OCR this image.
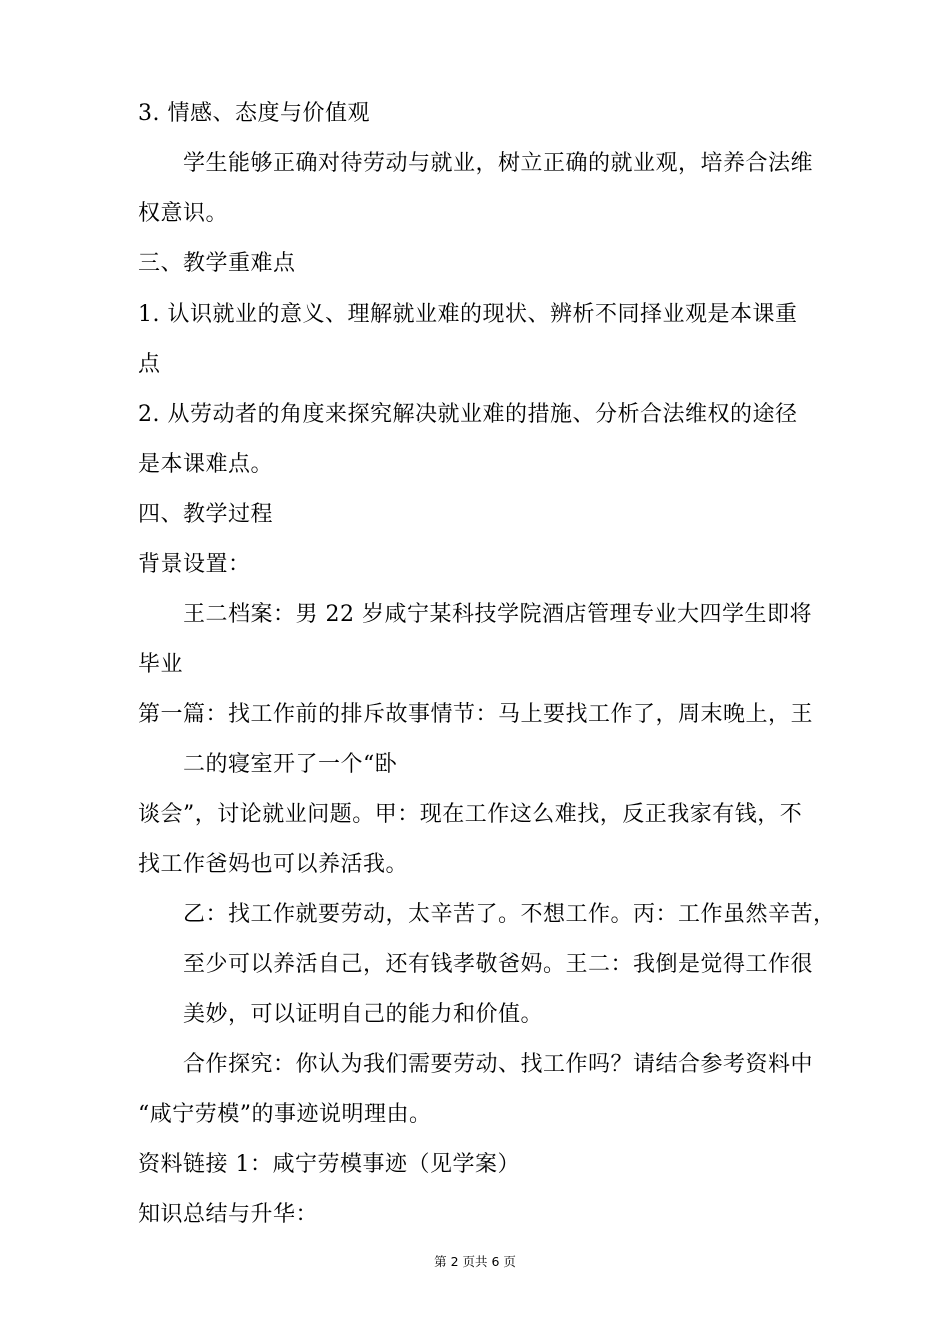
3. 情感、态度与价值观
学生能够正确对待劳动与就业，树立正确的就业观，培养合法维
权意识。
三、教学重难点
1. 认识就业的意义、理解就业难的现状、辨析不同择业观是本课重
点
2. 从劳动者的角度来探究解决就业难的措施、分析合法维权的途径
是本课难点。
四、教学过程
背景设置：
王二档案：男 22 岁咸宁某科技学院酒店管理专业大四学生即将
毕业
第一篇：找工作前的排斥故事情节：马上要找工作了，周末晚上，王
二的寝室开了一个“卧
谈会”，讨论就业问题。甲：现在工作这么难找，反正我家有钱，不
找工作爸妈也可以养活我。
乙：找工作就要劳动，太辛苦了。不想工作。丙：工作虽然辛苦，
至少可以养活自己，还有钱孝敬爸妈。王二：我倒是觉得工作很
美妙，可以证明自己的能力和价值。
合作探究：你认为我们需要劳动、找工作吗？请结合参考资料中
“咸宁劳模”的事迹说明理由。
资料链接 1：咸宁劳模事迹（见学案）
知识总结与升华：
第 2 页共 6 页
